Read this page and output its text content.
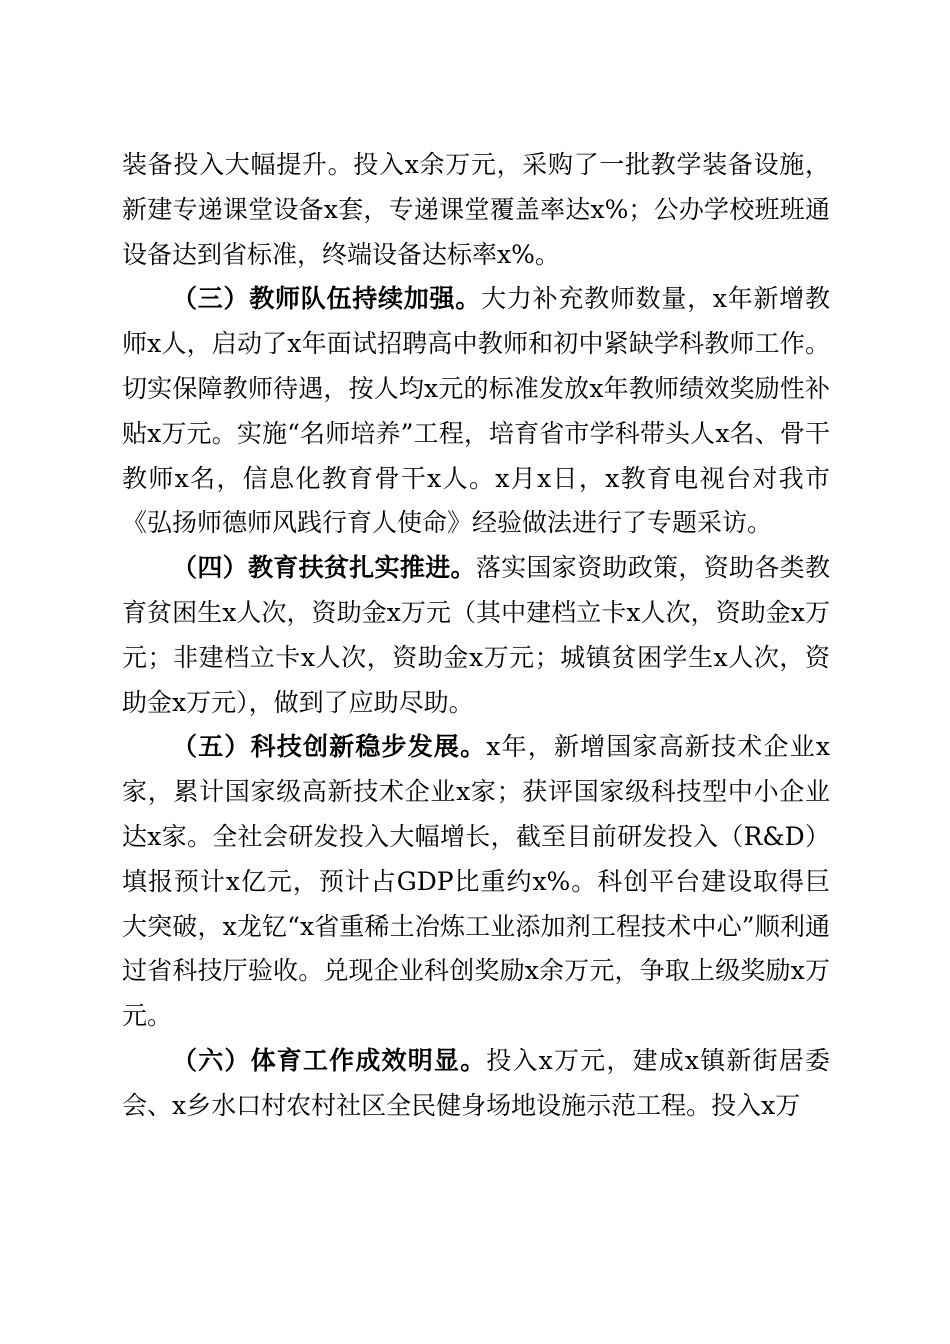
装备投入大幅提升。投入x余万元，采购了一批教学装备设施，新建专递课堂设备x套，专递课堂覆盖率达x%；公办学校班班通设备达到省标准，终端设备达标率x%。

（三）教师队伍持续加强。大力补充教师数量，x年新增教师x人，启动了x年面试招聘高中教师和初中紧缺学科教师工作。切实保障教师待遇，按人均x元的标准发放x年教师绩效奖励性补贴x万元。实施“名师培养”工程，培育省市学科带头人x名、骨干教师x名，信息化教育骨干x人。x月x日，x教育电视台对我市《弘扬师德师风践行育人使命》经验做法进行了专题采访。

（四）教育扶贫扎实推进。落实国家资助政策，资助各类教育贫困生x人次，资助金x万元（其中建档立卡x人次，资助金x万元；非建档立卡x人次，资助金x万元；城镇贫困学生x人次，资助金x万元），做到了应助尽助。

（五）科技创新稳步发展。x年，新增国家高新技术企业x家，累计国家级高新技术企业x家；获评国家级科技型中小企业达x家。全社会研发投入大幅增长，截至目前研发投入（R&D）填报预计x亿元，预计占GDP比重约x%。科创平台建设取得巨大突破，x龙钇“x省重稀土冶炼工业添加剂工程技术中心”顺利通过省科技厅验收。兑现企业科创奖励x余万元，争取上级奖励x万元。

（六）体育工作成效明显。投入x万元，建成x镇新街居委会、x乡水口村农村社区全民健身场地设施示范工程。投入x万
